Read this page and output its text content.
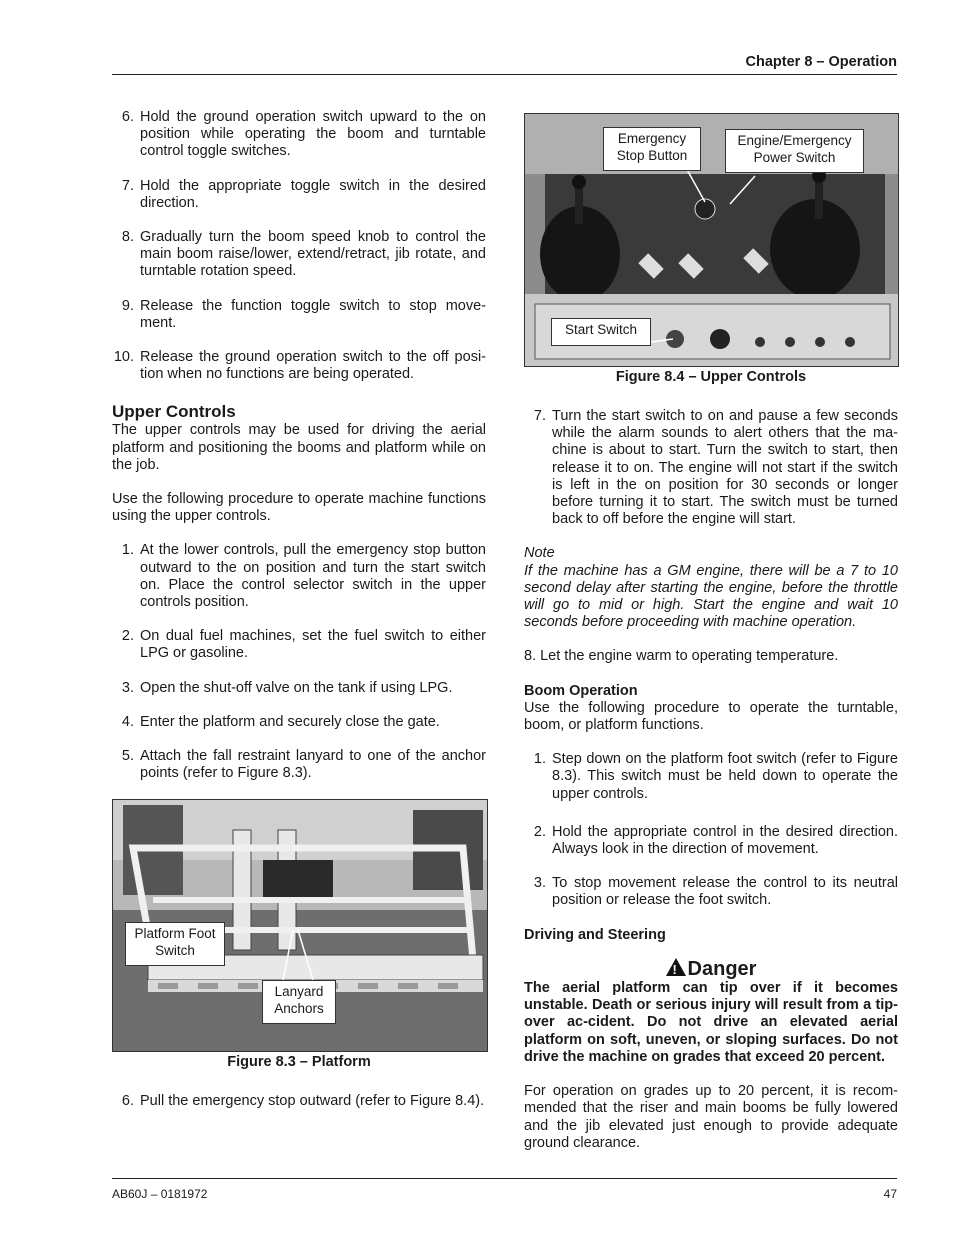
Chapter 8 – Operation
6. Hold the ground operation switch upward to the on position while operating the boom and turntable control toggle switches.
7. Hold the appropriate toggle switch in the desired direction.
8. Gradually turn the boom speed knob to control the main boom raise/lower, extend/retract, jib rotate, and turntable rotation speed.
9. Release the function toggle switch to stop move-ment.
10. Release the ground operation switch to the off posi-tion when no functions are being operated.
Upper Controls

The upper controls may be used for driving the aerial platform and positioning the booms and platform while on the job.

Use the following procedure to operate machine functions using the upper controls.

1. At the lower controls, pull the emergency stop button outward to the on position and turn the start switch on. Place the control selector switch in the upper controls position.
2. On dual fuel machines, set the fuel switch to either LPG or gasoline.
3. Open the shut-off valve on the tank if using LPG.
4. Enter the platform and securely close the gate.
5. Attach the fall restraint lanyard to one of the anchor points (refer to Figure 8.3).
Platform Foot Switch
Lanyard Anchors
Figure 8.3 – Platform
6. Pull the emergency stop outward (refer to Figure 8.4).
Emergency Stop Button
Engine/Emergency Power Switch
Start Switch
Figure 8.4 – Upper Controls
7. Turn the start switch to on and pause a few seconds while the alarm sounds to alert others that the ma-chine is about to start. Turn the switch to start, then release it to on. The engine will not start if the switch is left in the on position for 30 seconds or longer before turning it to start. The switch must be turned back to off before the engine will start.

Note

If the machine has a GM engine, there will be a 7 to 10 second delay after starting the engine, before the throttle will go to mid or high. Start the engine and wait 10 seconds before proceeding with machine operation.

8. Let the engine warm to operating temperature.

Boom Operation

Use the following procedure to operate the turntable, boom, or platform functions.

1. Step down on the platform foot switch (refer to Figure 8.3). This switch must be held down to operate the upper controls.
2. Hold the appropriate control in the desired direction. Always look in the direction of movement.
3. To stop movement release the control to its neutral position or release the foot switch.
Driving and Steering
!Danger

The aerial platform can tip over if it becomes unstable. Death or serious injury will result from a tip-over ac-cident. Do not drive an elevated aerial platform on soft, uneven, or sloping surfaces. Do not drive the machine on grades that exceed 20 percent.

For operation on grades up to 20 percent, it is recom-mended that the riser and main booms be fully lowered and the jib elevated just enough to provide adequate ground clearance.

AB60J – 0181972	47
